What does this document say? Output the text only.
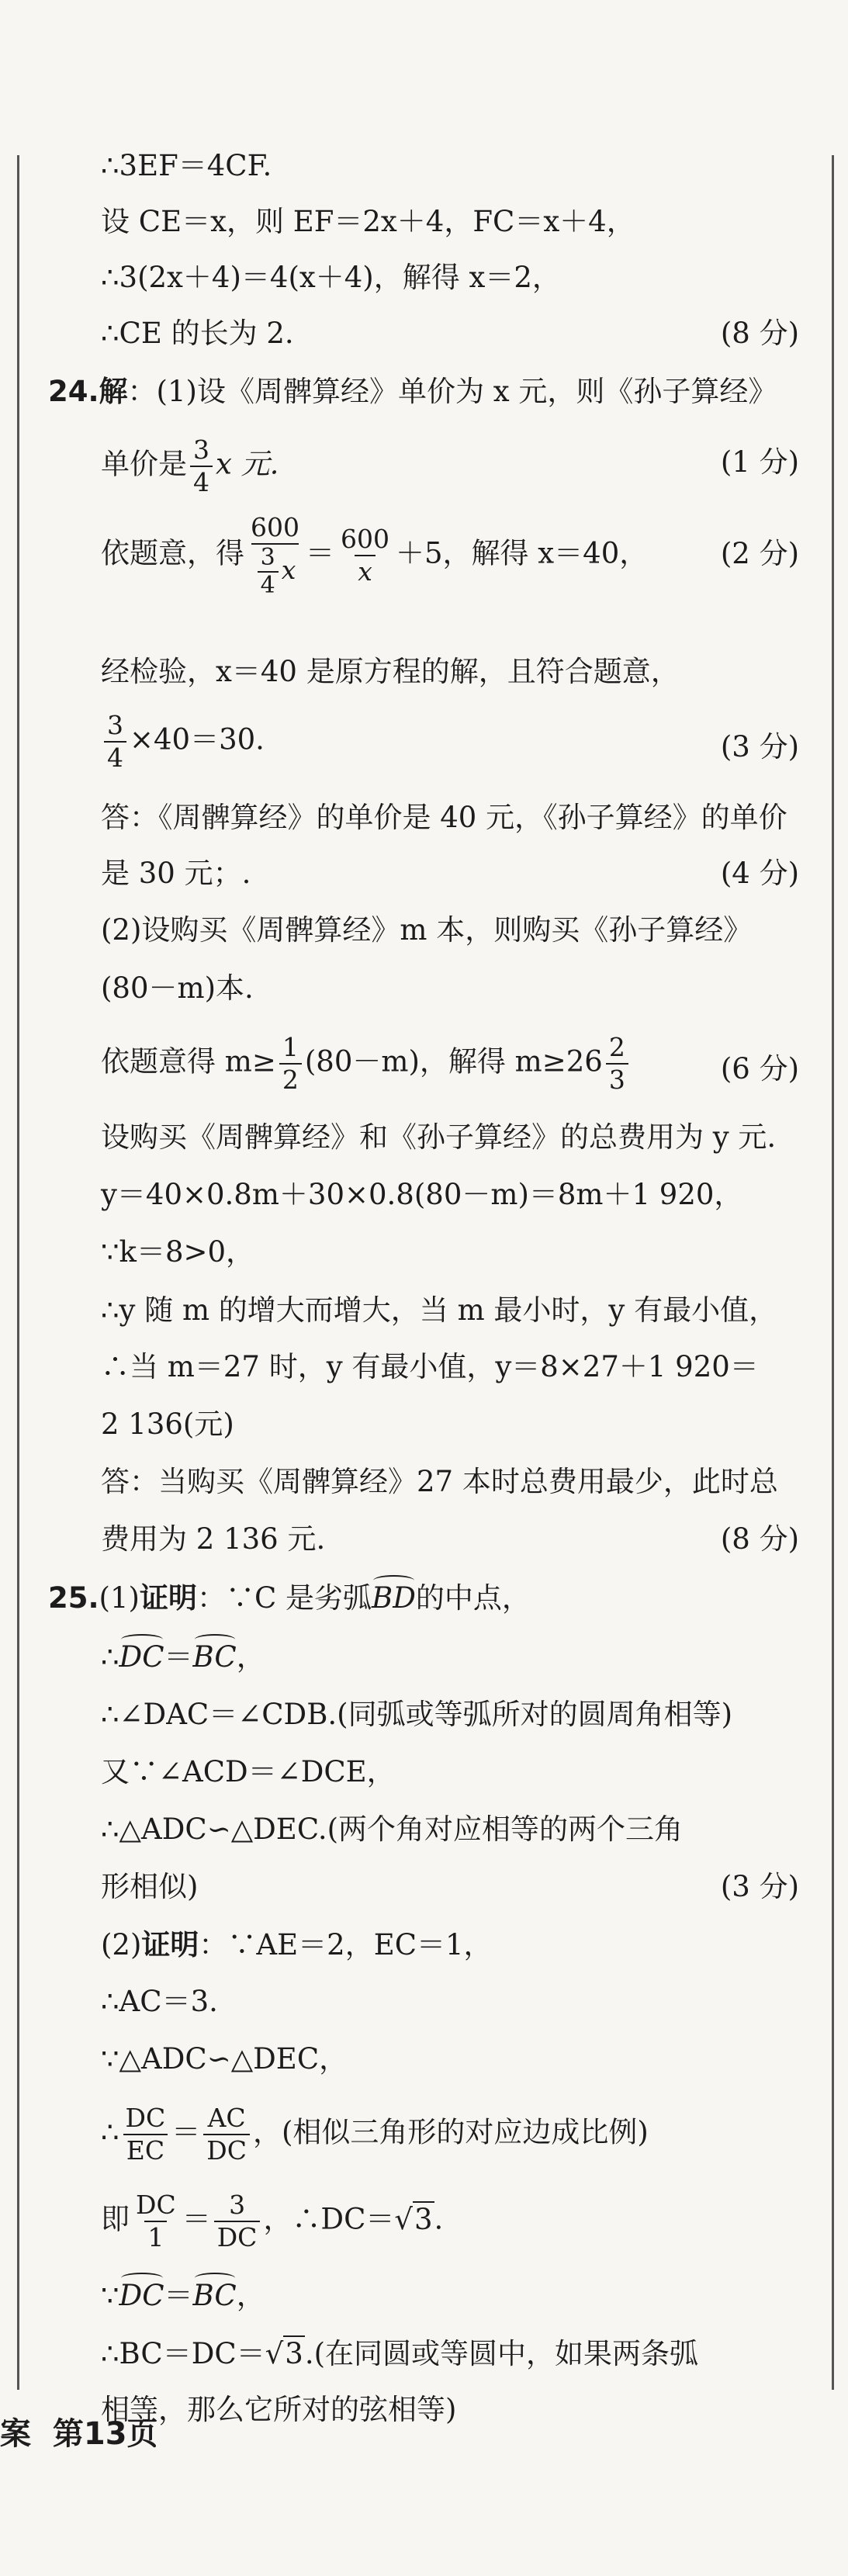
∴3EF＝4CF.
设 CE＝x，则 EF＝2x＋4，FC＝x＋4，
∴3(2x＋4)＝4(x＋4)，解得 x＝2，
∴CE 的长为 2.	(8 分)
24.解：(1)设《周髀算经》单价为 x 元，则《孙子算经》
单价是 $\frac{3}{4}$ x 元.	(1 分)
依题意，得 $\frac{600}{\frac{3}{4} x} = \frac{600}{x} +5$，解得 x＝40，	(2 分)
经检验，x＝40 是原方程的解，且符合题意，
$\frac{3}{4} \times 40=30$.	(3 分)
答：《周髀算经》的单价是 40 元，《孙子算经》的单价
是 30 元；.	(4 分)
(2)设购买《周髀算经》m 本，则购买《孙子算经》
(80－m)本.
依题意得 $m\ge \frac{1}{2} (80-m)$，解得 $m\ge 26 \frac{2}{3}$	(6 分)
设购买《周髀算经》和《孙子算经》的总费用为 y 元.
y＝40×0.8m＋30×0.8(80－m)＝8m＋1 920，
∵k＝8>0，
∴y 随 m 的增大而增大，当 m 最小时，y 有最小值，
∴当 m＝27 时，y 有最小值，y＝8×27＋1 920＝
2 136(元)
答：当购买《周髀算经》27 本时总费用最少，此时总
费用为 2 136 元.	(8 分)
25.(1)证明：∵C 是劣弧BD的中点，
∴DC＝BC，
∴∠DAC＝∠CDB.(同弧或等弧所对的圆周角相等)
又∵∠ACD＝∠DCE，
∴△ADC∽△DEC.(两个角对应相等的两个三角
形相似)	(3 分)
(2)证明：∵AE＝2，EC＝1，
∴AC＝3.
∵△ADC∽△DEC，
∴ $\frac{DC}{EC} = \frac{AC}{DC}$ ，(相似三角形的对应边成比例)
即 $\frac{DC}{1} = \frac{3}{DC}$ ，∴DC＝√3.
∵DC＝BC，
∴BC＝DC＝√3.(在同圆或等圆中，如果两条弧
相等，那么它所对的弦相等)
案 第13页
